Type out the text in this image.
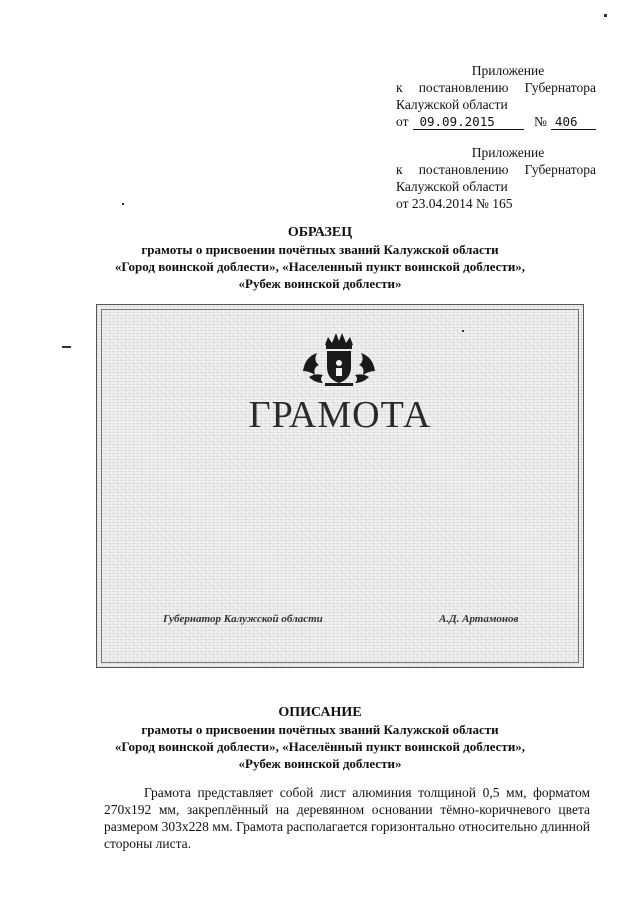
Приложение
к постановлению Губернатора
Калужской области
от 09.09.2015	№ 406
Приложение
к постановлению Губернатора
Калужской области
от 23.04.2014 № 165
ОБРАЗЕЦ
грамоты о присвоении почётных званий Калужской области
«Город воинской доблести», «Населенный пункт воинской доблести»,
«Рубеж воинской доблести»
ГРАМОТА
Губернатор Калужской области	А.Д. Артамонов
ОПИСАНИЕ
грамоты о присвоении почётных званий Калужской области
«Город воинской доблести», «Населённый пункт воинской доблести»,
«Рубеж воинской доблести»

Грамота представляет собой лист алюминия толщиной 0,5 мм, форматом 270х192 мм, закреплённый на деревянном основании тёмно-коричневого цвета размером 303х228 мм. Грамота располагается горизонтально относительно длинной стороны листа.
